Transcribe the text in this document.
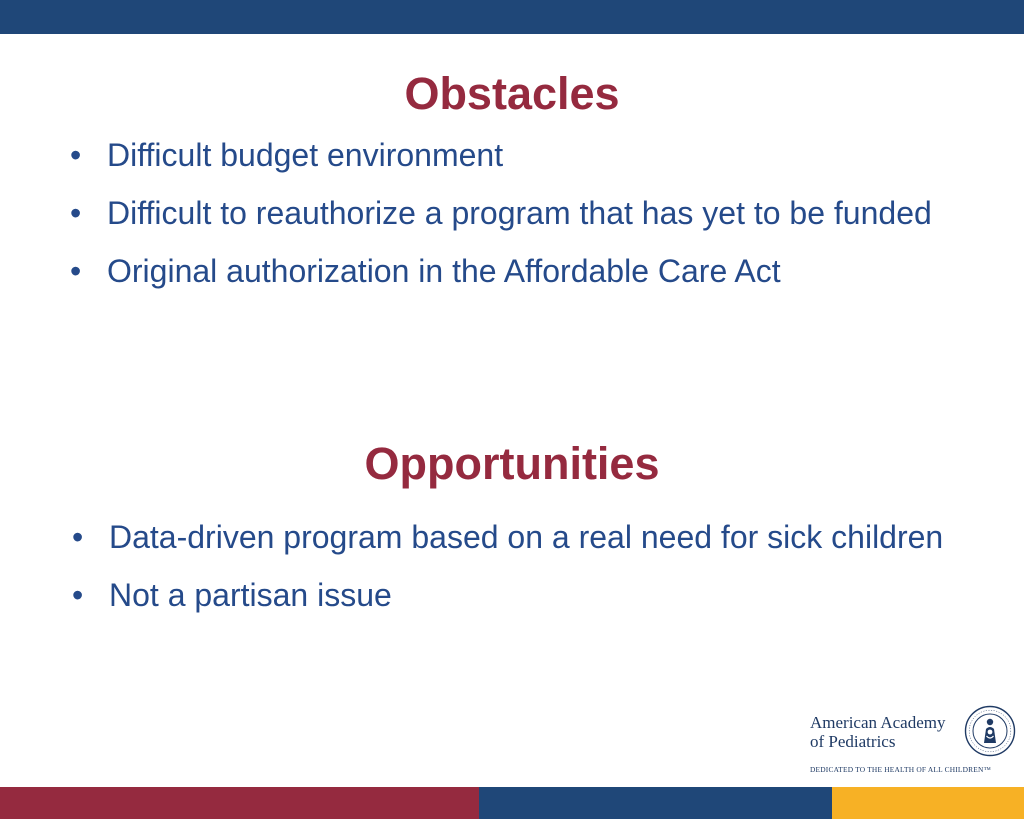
Obstacles
• Difficult budget environment
• Difficult to reauthorize a program that has yet to be funded
• Original authorization in the Affordable Care Act
Opportunities
• Data-driven program based on a real need for sick children
• Not a partisan issue
American Academy
of Pediatrics
DEDICATED TO THE HEALTH OF ALL CHILDREN™
